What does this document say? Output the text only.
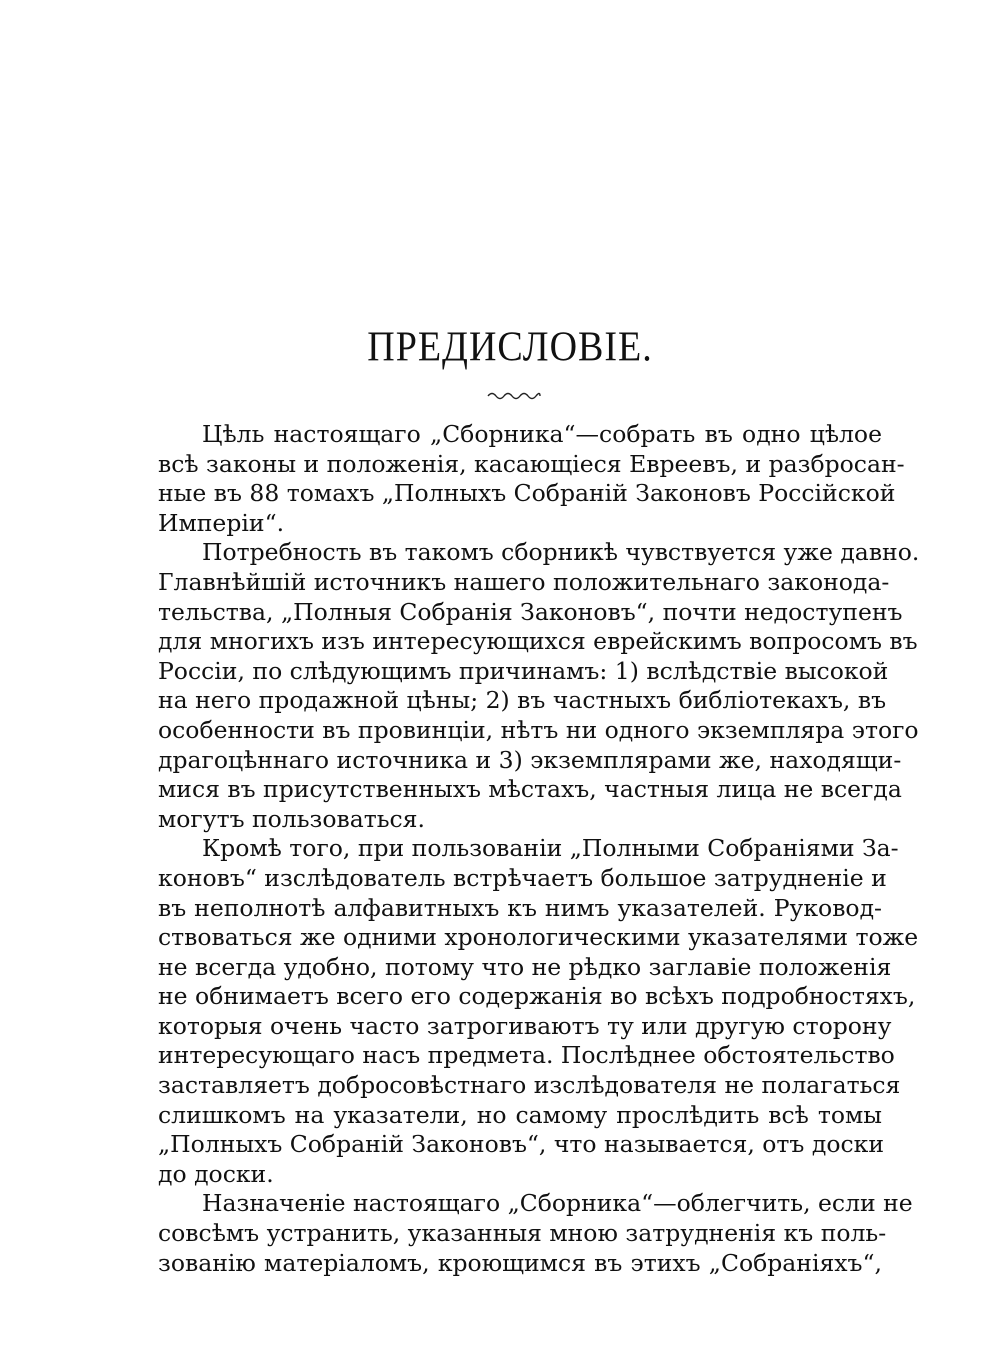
ПРЕДИСЛОВІЕ.
Цѣль настоящаго „Сборника“—собрать въ одно цѣлое
всѣ законы и положенія, касающіеся Евреевъ, и разбросан-
ные въ 88 томахъ „Полныхъ Собраній Законовъ Россійской
Имперіи“.
Потребность въ такомъ сборникѣ чувствуется уже давно.
Главнѣйшій источникъ нашего положительнаго законода-
тельства, „Полныя Собранія Законовъ“, почти недоступенъ
для многихъ изъ интересующихся еврейскимъ вопросомъ въ
Россіи, по слѣдующимъ причинамъ: 1) вслѣдствіе высокой
на него продажной цѣны; 2) въ частныхъ библіотекахъ, въ
особенности въ провинціи, нѣтъ ни одного экземпляра этого
драгоцѣннаго источника и 3) экземплярами же, находящи-
мися въ присутственныхъ мѣстахъ, частныя лица не всегда
могутъ пользоваться.
Кромѣ того, при пользованіи „Полными Собраніями За-
коновъ“ изслѣдователь встрѣчаетъ большое затрудненіе и
въ неполнотѣ алфавитныхъ къ нимъ указателей. Руковод-
ствоваться же одними хронологическими указателями тоже
не всегда удобно, потому что не рѣдко заглавіе положенія
не обнимаетъ всего его содержанія во всѣхъ подробностяхъ,
которыя очень часто затрогиваютъ ту или другую сторону
интересующаго насъ предмета. Послѣднее обстоятельство
заставляетъ добросовѣстнаго изслѣдователя не полагаться
слишкомъ на указатели, но самому прослѣдить всѣ томы
„Полныхъ Собраній Законовъ“, что называется, отъ доски
до доски.
Назначеніе настоящаго „Сборника“—облегчить, если не
совсѣмъ устранить, указанныя мною затрудненія къ поль-
зованію матеріаломъ, кроющимся въ этихъ „Собраніяхъ“,
